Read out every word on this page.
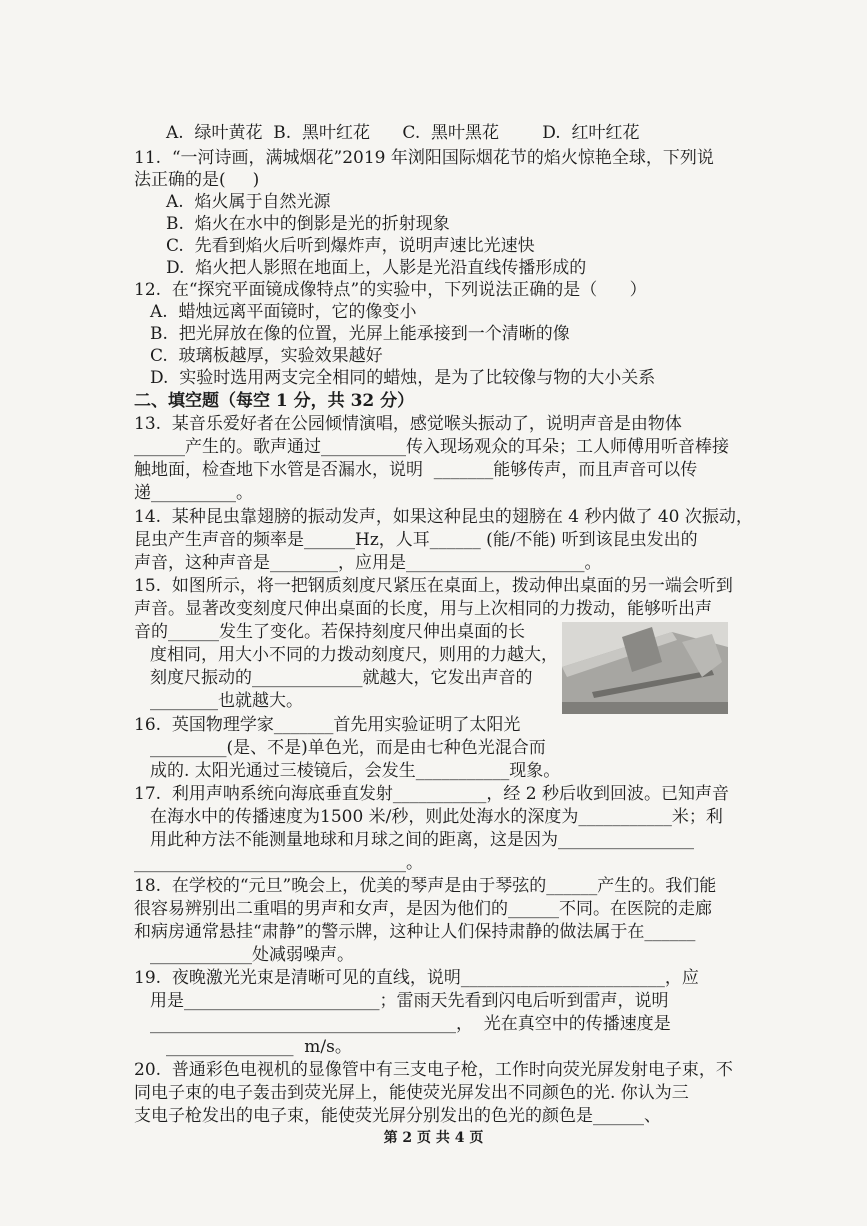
A.  绿叶黄花  B.  黑叶红花      C.  黑叶黑花        D.  红叶红花
11.  “一河诗画，满城烟花”2019 年浏阳国际烟花节的焰火惊艳全球，下列说
法正确的是(     )
A.  焰火属于自然光源
B.  焰火在水中的倒影是光的折射现象
C.  先看到焰火后听到爆炸声，说明声速比光速快
D.  焰火把人影照在地面上，人影是光沿直线传播形成的
12.  在“探究平面镜成像特点”的实验中，下列说法正确的是（      ）
A.  蜡烛远离平面镜时，它的像变小
B.  把光屏放在像的位置，光屏上能承接到一个清晰的像
C.  玻璃板越厚，实验效果越好
D.  实验时选用两支完全相同的蜡烛，是为了比较像与物的大小关系
二、填空题（每空 1 分，共 32 分）
13.  某音乐爱好者在公园倾情演唱，感觉喉头振动了，说明声音是由物体
______产生的。歌声通过__________传入现场观众的耳朵；工人师傅用听音棒接
触地面，检查地下水管是否漏水，说明  _______能够传声，而且声音可以传
递__________。
14.  某种昆虫靠翅膀的振动发声，如果这种昆虫的翅膀在 4 秒内做了 40 次振动，
昆虫产生声音的频率是______Hz，人耳______ (能/不能) 听到该昆虫发出的
声音，这种声音是________，应用是_____________________。
15.  如图所示，将一把钢质刻度尺紧压在桌面上，拨动伸出桌面的另一端会听到
声音。显著改变刻度尺伸出桌面的长度，用与上次相同的力拨动，能够听出声
音的______发生了变化。若保持刻度尺伸出桌面的长
度相同，用大小不同的力拨动刻度尺，则用的力越大，
刻度尺振动的_____________就越大，它发出声音的
________也就越大。
16.  英国物理学家_______首先用实验证明了太阳光
_________(是、不是)单色光，而是由七种色光混合而
成的. 太阳光通过三棱镜后，会发生___________现象。
17.  利用声呐系统向海底垂直发射___________，经 2 秒后收到回波。已知声音
在海水中的传播速度为1500 米/秒，则此处海水的深度为___________米；利
用此种方法不能测量地球和月球之间的距离，这是因为________________
________________________________。
18.  在学校的“元旦”晚会上，优美的琴声是由于琴弦的______产生的。我们能
很容易辨别出二重唱的男声和女声，是因为他们的______不同。在医院的走廊
和病房通常悬挂“肃静”的警示牌，这种让人们保持肃静的做法属于在______
____________处减弱噪声。
19.  夜晚激光光束是清晰可见的直线，说明________________________，应
用是_______________________；雷雨天先看到闪电后听到雷声，说明
____________________________________，  光在真空中的传播速度是
_______________  m/s。
20.  普通彩色电视机的显像管中有三支电子枪，工作时向荧光屏发射电子束，不
同电子束的电子轰击到荧光屏上，能使荧光屏发出不同颜色的光. 你认为三
支电子枪发出的电子束，能使荧光屏分别发出的色光的颜色是______、
第 2 页 共 4 页
